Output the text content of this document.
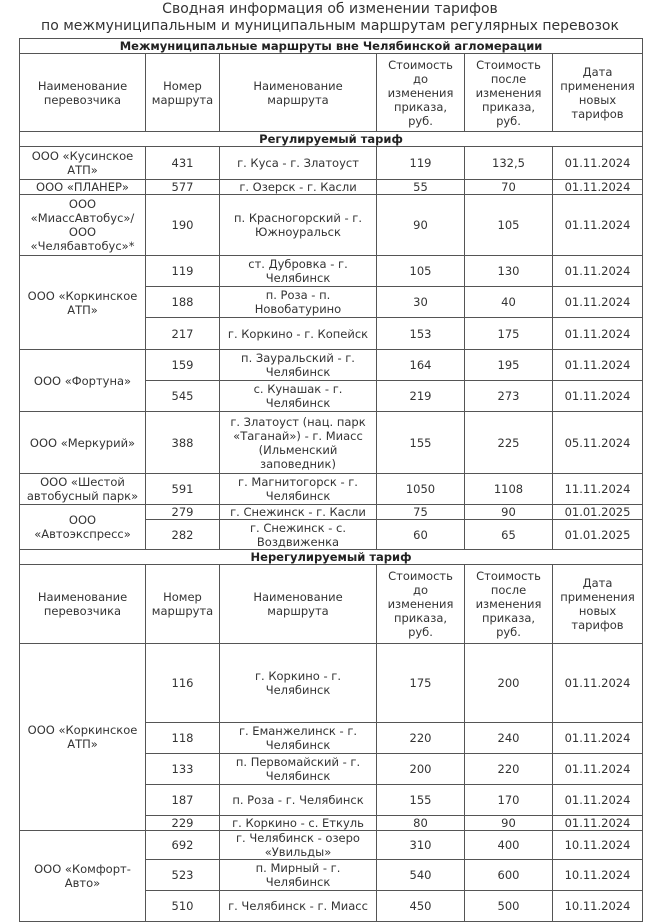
Сводная информация об изменении тарифов
по межмуниципальным и муниципальным маршрутам регулярных перевозок
Межмуниципальные маршруты вне Челябинской агломерации					
Наименование перевозчика	Номер маршрута	Наименование маршрута	Стоимость до изменения приказа, руб.	Стоимость после изменения приказа, руб.	Дата применения новых тарифов
Регулируемый тариф					
ООО «Кусинское АТП»	431	г. Куса - г. Златоуст	119	132,5	01.11.2024
ООО «ПЛАНЕР»	577	г. Озерск - г. Касли	55	70	01.11.2024
ООО «МиассАвтобус»/ ООО «Челябавтобус»*	190	п. Красногорский - г. Южноуральск	90	105	01.11.2024
ООО «Коркинское АТП»	119	ст. Дубровка - г. Челябинск	105	130	01.11.2024
	188	п. Роза - п. Новобатурино	30	40	01.11.2024
	217	г. Коркино - г. Копейск	153	175	01.11.2024
ООО «Фортуна»	159	п. Зауральский - г. Челябинск	164	195	01.11.2024
	545	с. Кунашак - г. Челябинск	219	273	01.11.2024
ООО «Меркурий»	388	г. Златоуст (нац. парк «Таганай») - г. Миасс (Ильменский заповедник)	155	225	05.11.2024
ООО «Шестой автобусный парк»	591	г. Магнитогорск - г. Челябинск	1050	1108	11.11.2024
ООО «Автоэкспресс»	279	г. Снежинск - г. Касли	75	90	01.01.2025
	282	г. Снежинск - с. Воздвиженка	60	65	01.01.2025
Нерегулируемый тариф					
Наименование перевозчика	Номер маршрута	Наименование маршрута	Стоимость до изменения приказа, руб.	Стоимость после изменения приказа, руб.	Дата применения новых тарифов
ООО «Коркинское АТП»	116	г. Коркино - г. Челябинск	175	200	01.11.2024
	118	г. Еманжелинск - г. Челябинск	220	240	01.11.2024
	133	п. Первомайский - г. Челябинск	200	220	01.11.2024
	187	п. Роза - г. Челябинск	155	170	01.11.2024
	229	г. Коркино - с. Еткуль	80	90	01.11.2024
ООО «Комфорт-Авто»	692	г. Челябинск - озеро «Увильды»	310	400	10.11.2024
	523	п. Мирный - г. Челябинск	540	600	10.11.2024
	510	г. Челябинск - г. Миасс	450	500	10.11.2024
